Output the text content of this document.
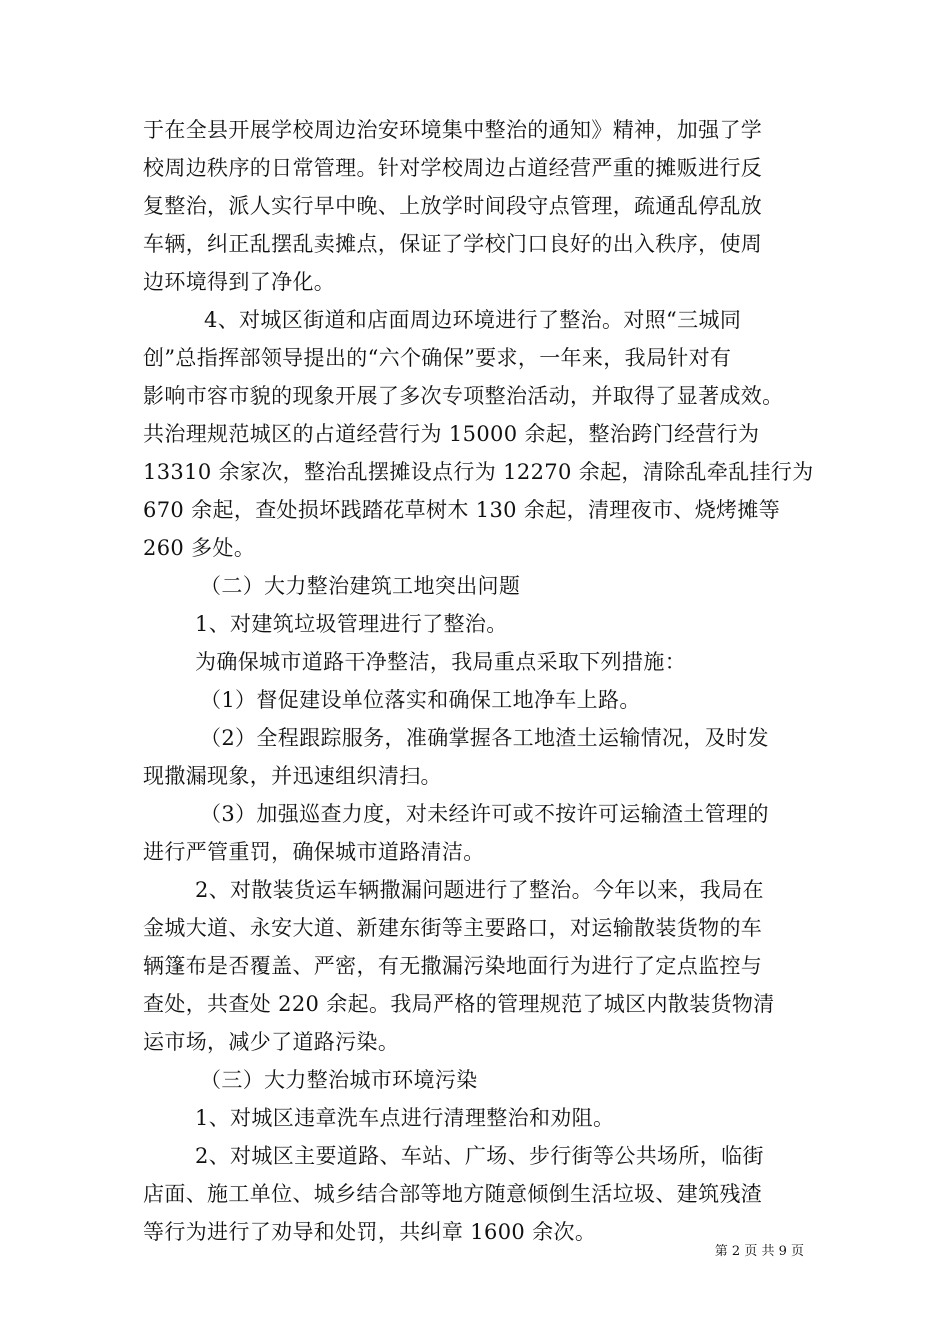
于在全县开展学校周边治安环境集中整治的通知》精神，加强了学
校周边秩序的日常管理。针对学校周边占道经营严重的摊贩进行反
复整治，派人实行早中晚、上放学时间段守点管理，疏通乱停乱放
车辆，纠正乱摆乱卖摊点，保证了学校门口良好的出入秩序，使周
边环境得到了净化。
4、对城区街道和店面周边环境进行了整治。对照“三城同
创”总指挥部领导提出的“六个确保”要求，一年来，我局针对有
影响市容市貌的现象开展了多次专项整治活动，并取得了显著成效。
共治理规范城区的占道经营行为 15000 余起，整治跨门经营行为
13310 余家次，整治乱摆摊设点行为 12270 余起，清除乱牵乱挂行为
670 余起，查处损坏践踏花草树木 130 余起，清理夜市、烧烤摊等
260 多处。
（二）大力整治建筑工地突出问题
1、对建筑垃圾管理进行了整治。
为确保城市道路干净整洁，我局重点采取下列措施：
（1）督促建设单位落实和确保工地净车上路。
（2）全程跟踪服务，准确掌握各工地渣土运输情况，及时发
现撒漏现象，并迅速组织清扫。
（3）加强巡查力度，对未经许可或不按许可运输渣土管理的
进行严管重罚，确保城市道路清洁。
2、对散装货运车辆撒漏问题进行了整治。今年以来，我局在
金城大道、永安大道、新建东街等主要路口，对运输散装货物的车
辆篷布是否覆盖、严密，有无撒漏污染地面行为进行了定点监控与
查处，共查处 220 余起。我局严格的管理规范了城区内散装货物清
运市场，减少了道路污染。
（三）大力整治城市环境污染
1、对城区违章洗车点进行清理整治和劝阻。
2、对城区主要道路、车站、广场、步行街等公共场所，临街
店面、施工单位、城乡结合部等地方随意倾倒生活垃圾、建筑残渣
等行为进行了劝导和处罚，共纠章 1600 余次。
第 2 页 共 9 页
